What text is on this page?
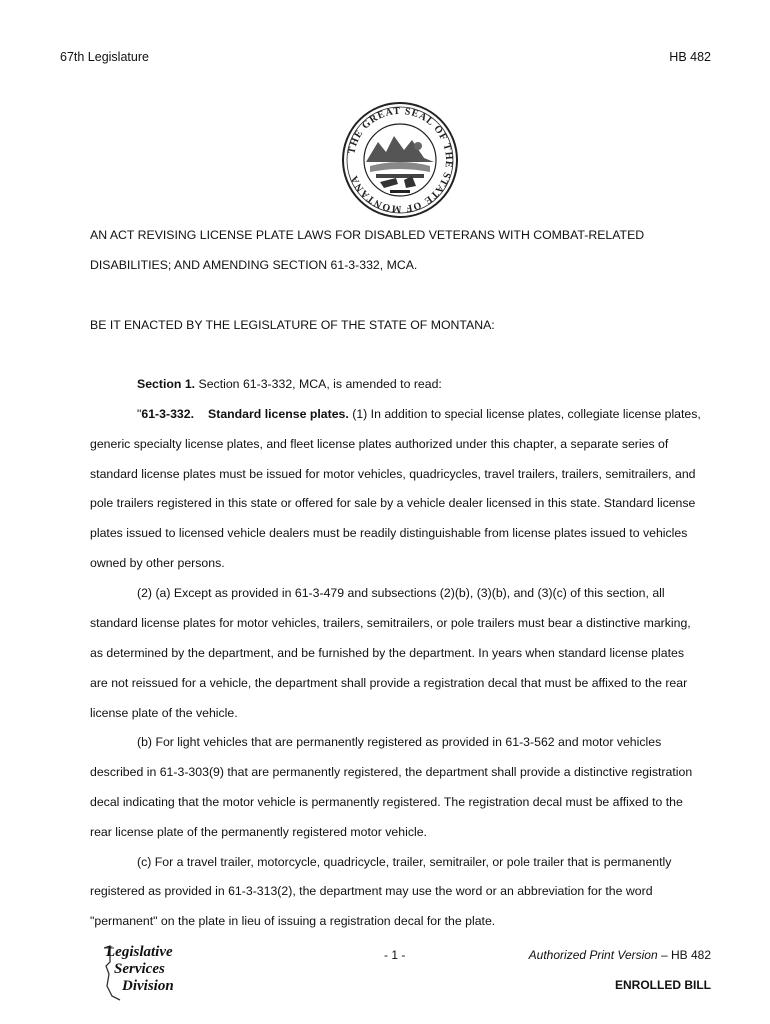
67th Legislature	HB 482
THE GREAT SEAL OF THE STATE OF MONTANA
AN ACT REVISING LICENSE PLATE LAWS FOR DISABLED VETERANS WITH COMBAT-RELATED
DISABILITIES; AND AMENDING SECTION 61-3-332, MCA.
BE IT ENACTED BY THE LEGISLATURE OF THE STATE OF MONTANA:
Section 1. Section 61-3-332, MCA, is amended to read:
"61-3-332. Standard license plates. (1) In addition to special license plates, collegiate license plates,
generic specialty license plates, and fleet license plates authorized under this chapter, a separate series of
standard license plates must be issued for motor vehicles, quadricycles, travel trailers, trailers, semitrailers, and
pole trailers registered in this state or offered for sale by a vehicle dealer licensed in this state. Standard license
plates issued to licensed vehicle dealers must be readily distinguishable from license plates issued to vehicles
owned by other persons.
(2) (a) Except as provided in 61-3-479 and subsections (2)(b), (3)(b), and (3)(c) of this section, all
standard license plates for motor vehicles, trailers, semitrailers, or pole trailers must bear a distinctive marking,
as determined by the department, and be furnished by the department. In years when standard license plates
are not reissued for a vehicle, the department shall provide a registration decal that must be affixed to the rear
license plate of the vehicle.
(b) For light vehicles that are permanently registered as provided in 61-3-562 and motor vehicles
described in 61-3-303(9) that are permanently registered, the department shall provide a distinctive registration
decal indicating that the motor vehicle is permanently registered. The registration decal must be affixed to the
rear license plate of the permanently registered motor vehicle.
(c) For a travel trailer, motorcycle, quadricycle, trailer, semitrailer, or pole trailer that is permanently
registered as provided in 61-3-313(2), the department may use the word or an abbreviation for the word
"permanent" on the plate in lieu of issuing a registration decal for the plate.
Legislative
Services
Division
- 1 -	Authorized Print Version – HB 482
ENROLLED BILL
